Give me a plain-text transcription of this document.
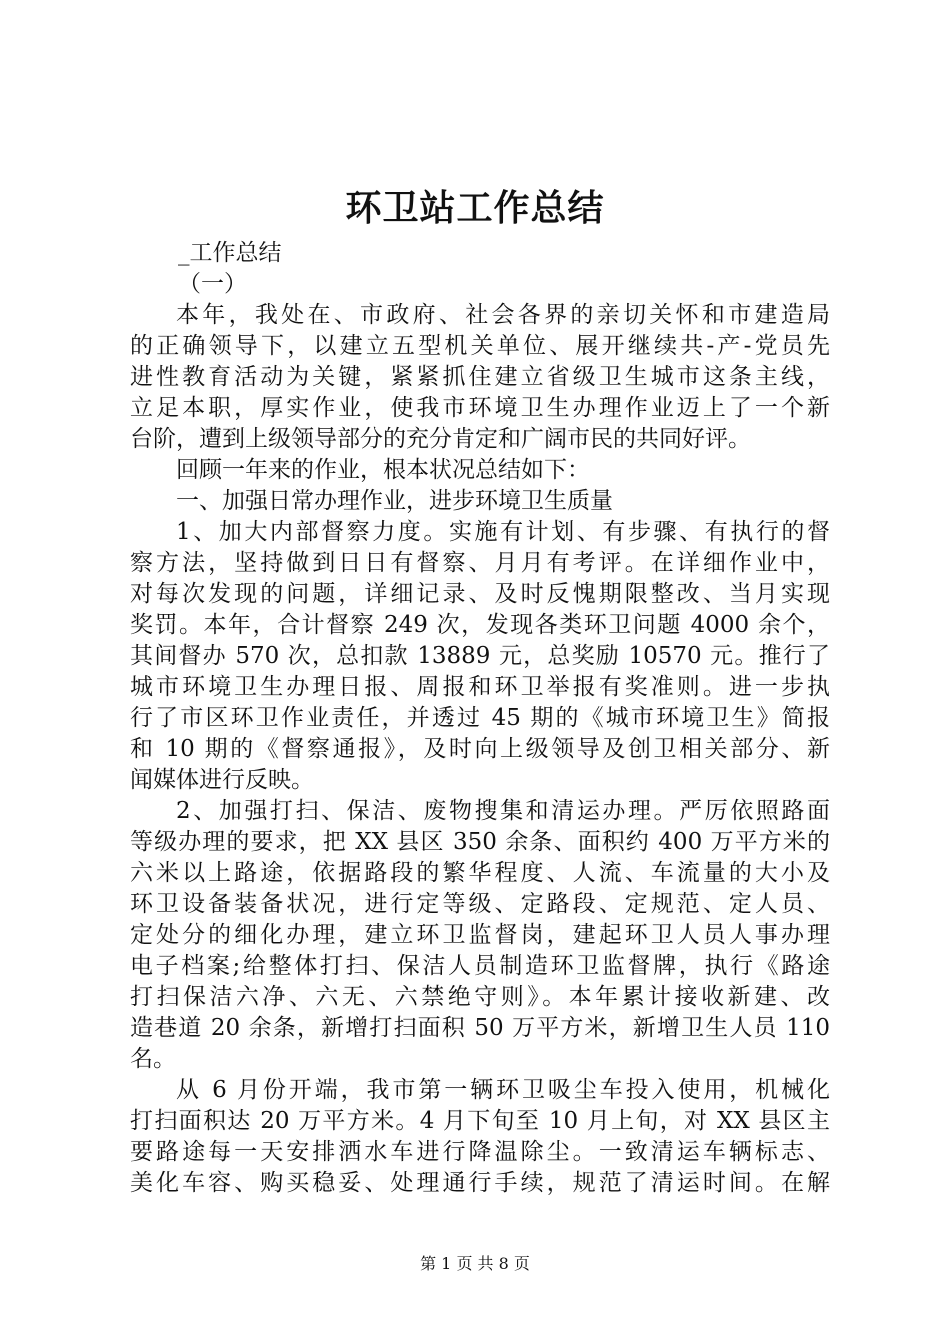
环卫站工作总结
_工作总结
（一）
本年，我处在、市政府、社会各界的亲切关怀和市建造局
的正确领导下，以建立五型机关单位、展开继续共-产-党员先
进性教育活动为关键，紧紧抓住建立省级卫生城市这条主线，
立足本职，厚实作业，使我市环境卫生办理作业迈上了一个新
台阶，遭到上级领导部分的充分肯定和广阔市民的共同好评。
回顾一年来的作业，根本状况总结如下：
一、加强日常办理作业，进步环境卫生质量
1、加大内部督察力度。实施有计划、有步骤、有执行的督
察方法，坚持做到日日有督察、月月有考评。在详细作业中，
对每次发现的问题，详细记录、及时反愧期限整改、当月实现
奖罚。本年，合计督察 249 次，发现各类环卫问题 4000 余个，
其间督办 570 次，总扣款 13889 元，总奖励 10570 元。推行了
城市环境卫生办理日报、周报和环卫举报有奖准则。进一步执
行了市区环卫作业责任，并透过 45 期的《城市环境卫生》简报
和 10 期的《督察通报》，及时向上级领导及创卫相关部分、新
闻媒体进行反映。
2、加强打扫、保洁、废物搜集和清运办理。严厉依照路面
等级办理的要求，把 XX 县区 350 余条、面积约 400 万平方米的
六米以上路途，依据路段的繁华程度、人流、车流量的大小及
环卫设备装备状况，进行定等级、定路段、定规范、定人员、
定处分的细化办理，建立环卫监督岗，建起环卫人员人事办理
电子档案;给整体打扫、保洁人员制造环卫监督牌，执行《路途
打扫保洁六净、六无、六禁绝守则》。本年累计接收新建、改
造巷道 20 余条，新增打扫面积 50 万平方米，新增卫生人员 110
名。
从 6 月份开端，我市第一辆环卫吸尘车投入使用，机械化
打扫面积达 20 万平方米。4 月下旬至 10 月上旬，对 XX 县区主
要路途每一天安排洒水车进行降温除尘。一致清运车辆标志、
美化车容、购买稳妥、处理通行手续，规范了清运时间。在解
第 1 页 共 8 页
